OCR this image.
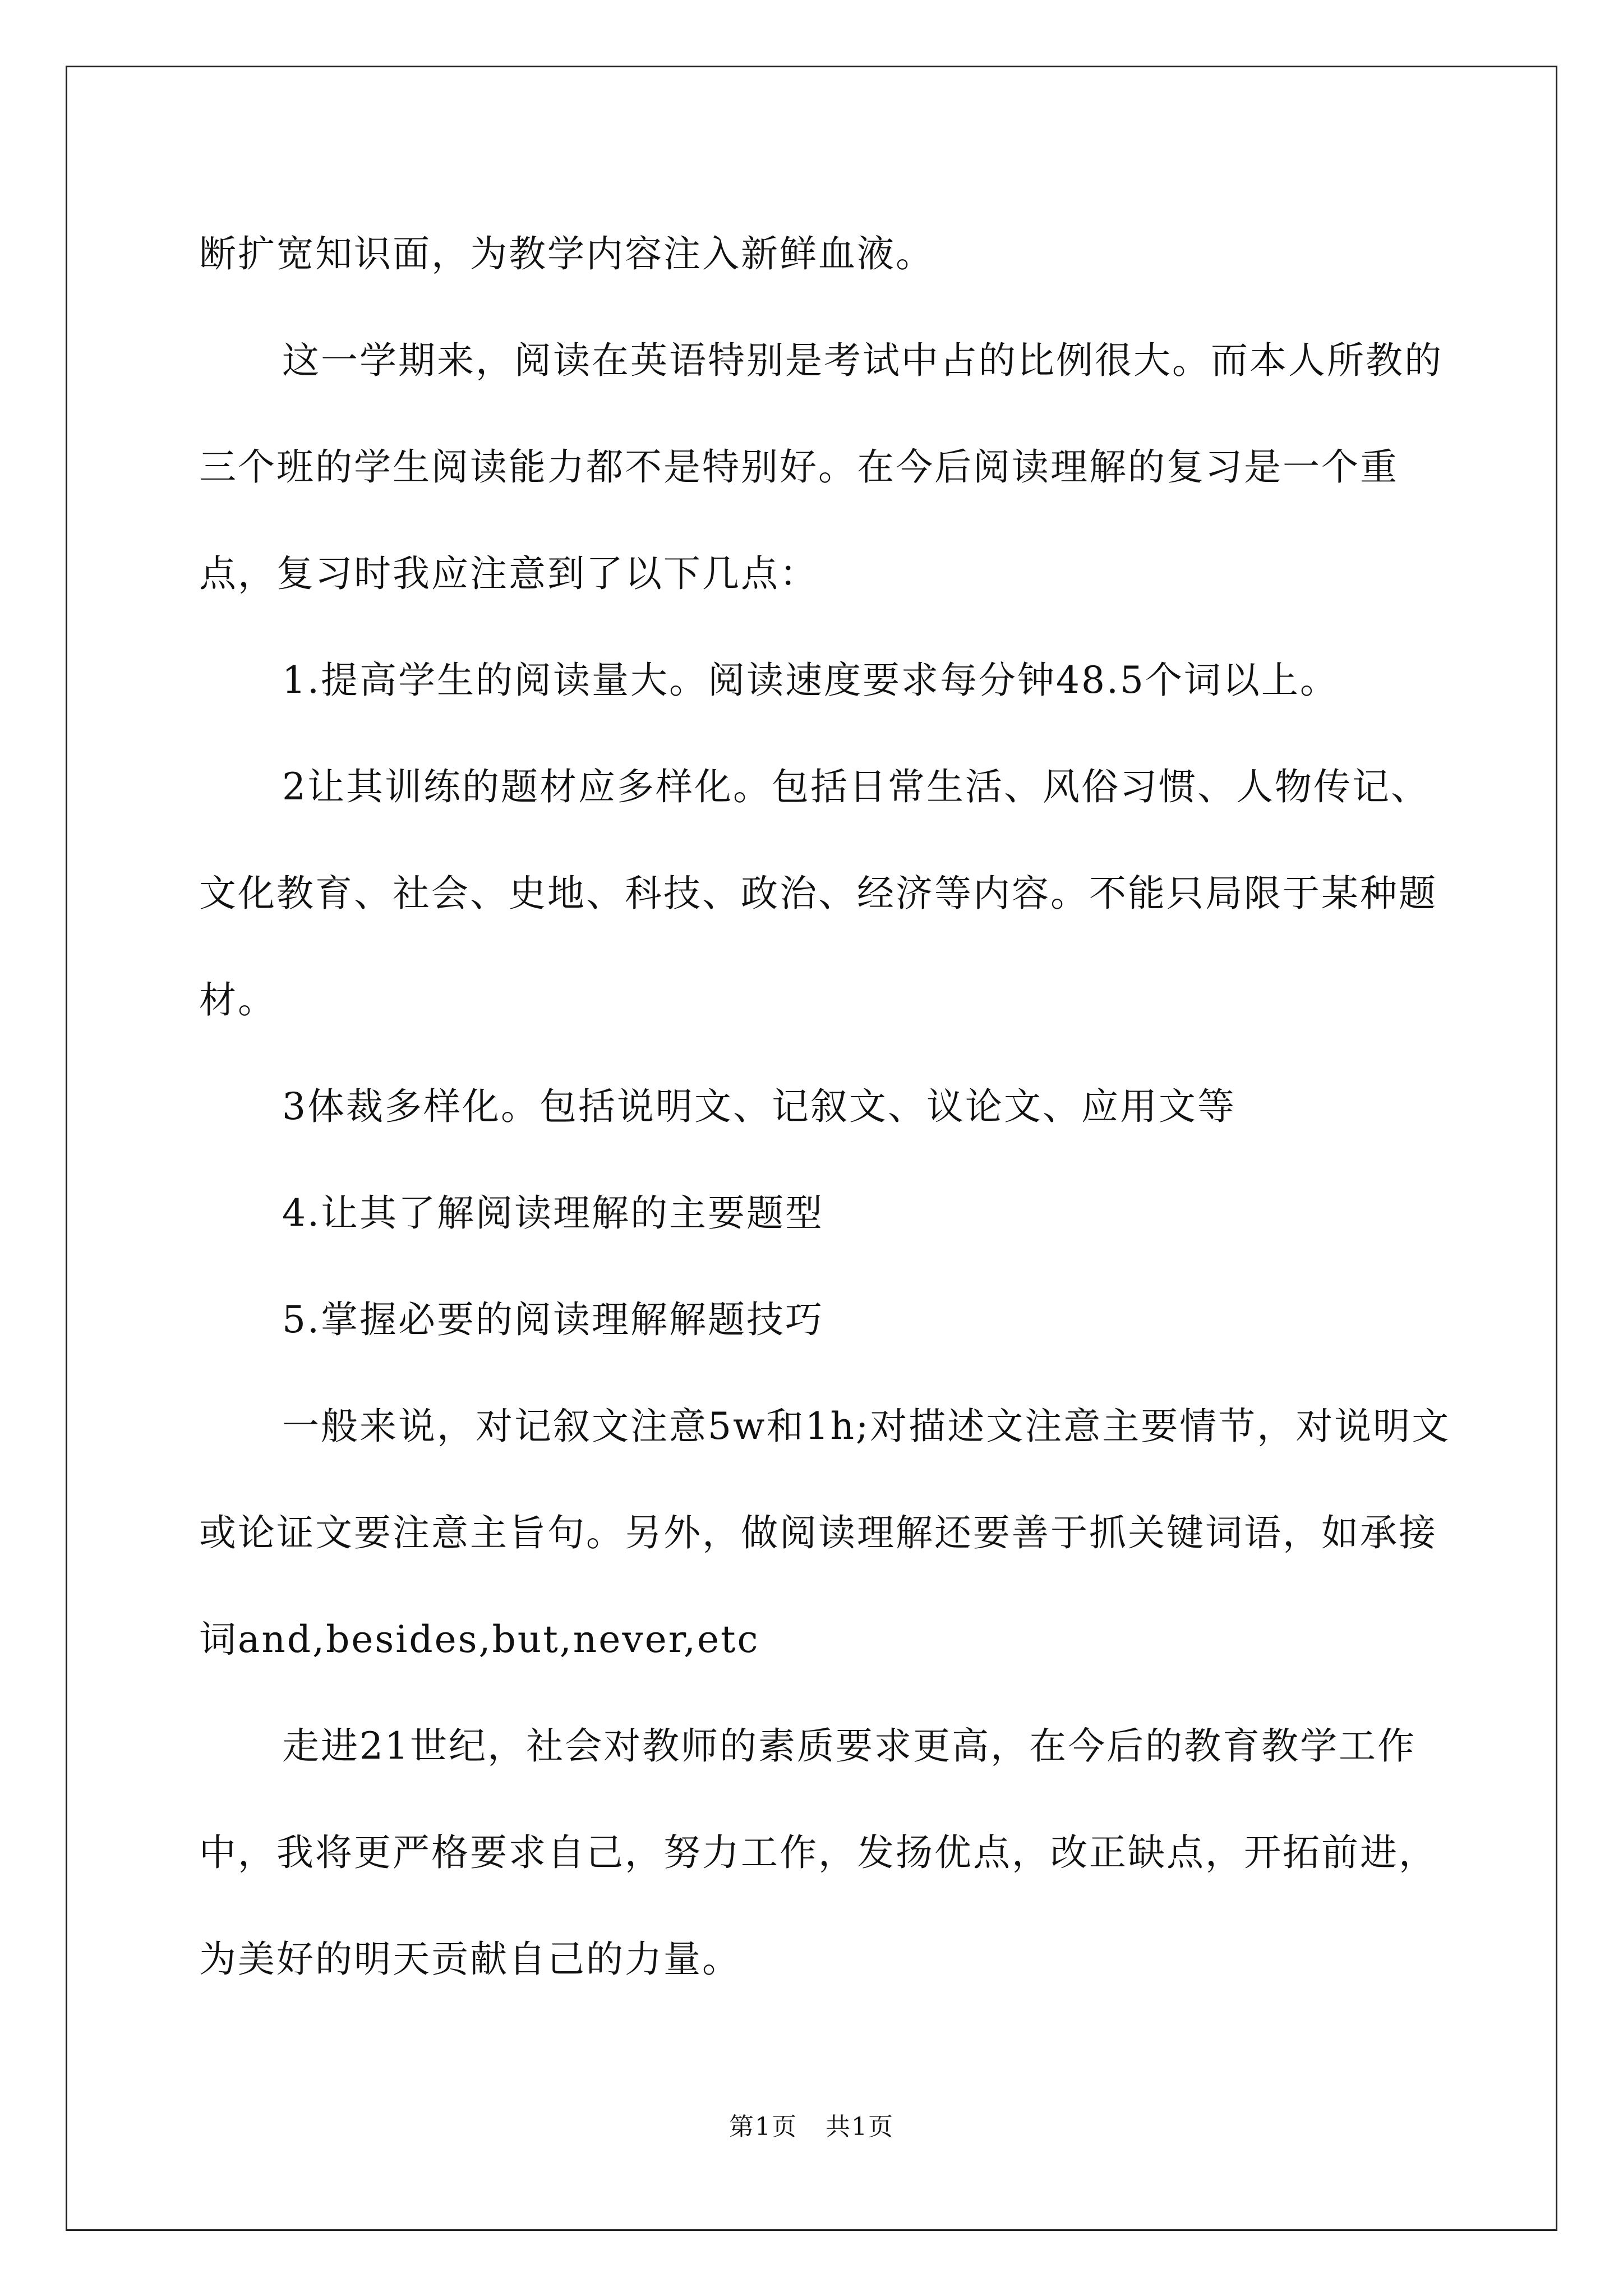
断扩宽知识面，为教学内容注入新鲜血液。

这一学期来，阅读在英语特别是考试中占的比例很大。而本人所教的三个班的学生阅读能力都不是特别好。在今后阅读理解的复习是一个重点，复习时我应注意到了以下几点：

1.提高学生的阅读量大。阅读速度要求每分钟48.5个词以上。

2让其训练的题材应多样化。包括日常生活、风俗习惯、人物传记、文化教育、社会、史地、科技、政治、经济等内容。不能只局限于某种题材。

3体裁多样化。包括说明文、记叙文、议论文、应用文等

4.让其了解阅读理解的主要题型

5.掌握必要的阅读理解解题技巧

一般来说，对记叙文注意5w和1h;对描述文注意主要情节，对说明文或论证文要注意主旨句。另外，做阅读理解还要善于抓关键词语，如承接词and,besides,but,never,etc

走进21世纪，社会对教师的素质要求更高，在今后的教育教学工作中，我将更严格要求自己，努力工作，发扬优点，改正缺点，开拓前进，为美好的明天贡献自己的力量。

第1页 共1页
